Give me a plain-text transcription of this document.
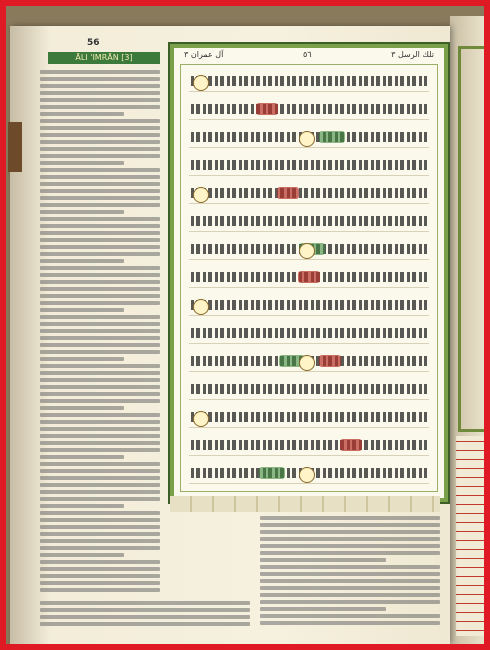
56
ĀLI 'IMRĀN [3]	آل عمران ٣	٥٦	تلك الرسل ٣
